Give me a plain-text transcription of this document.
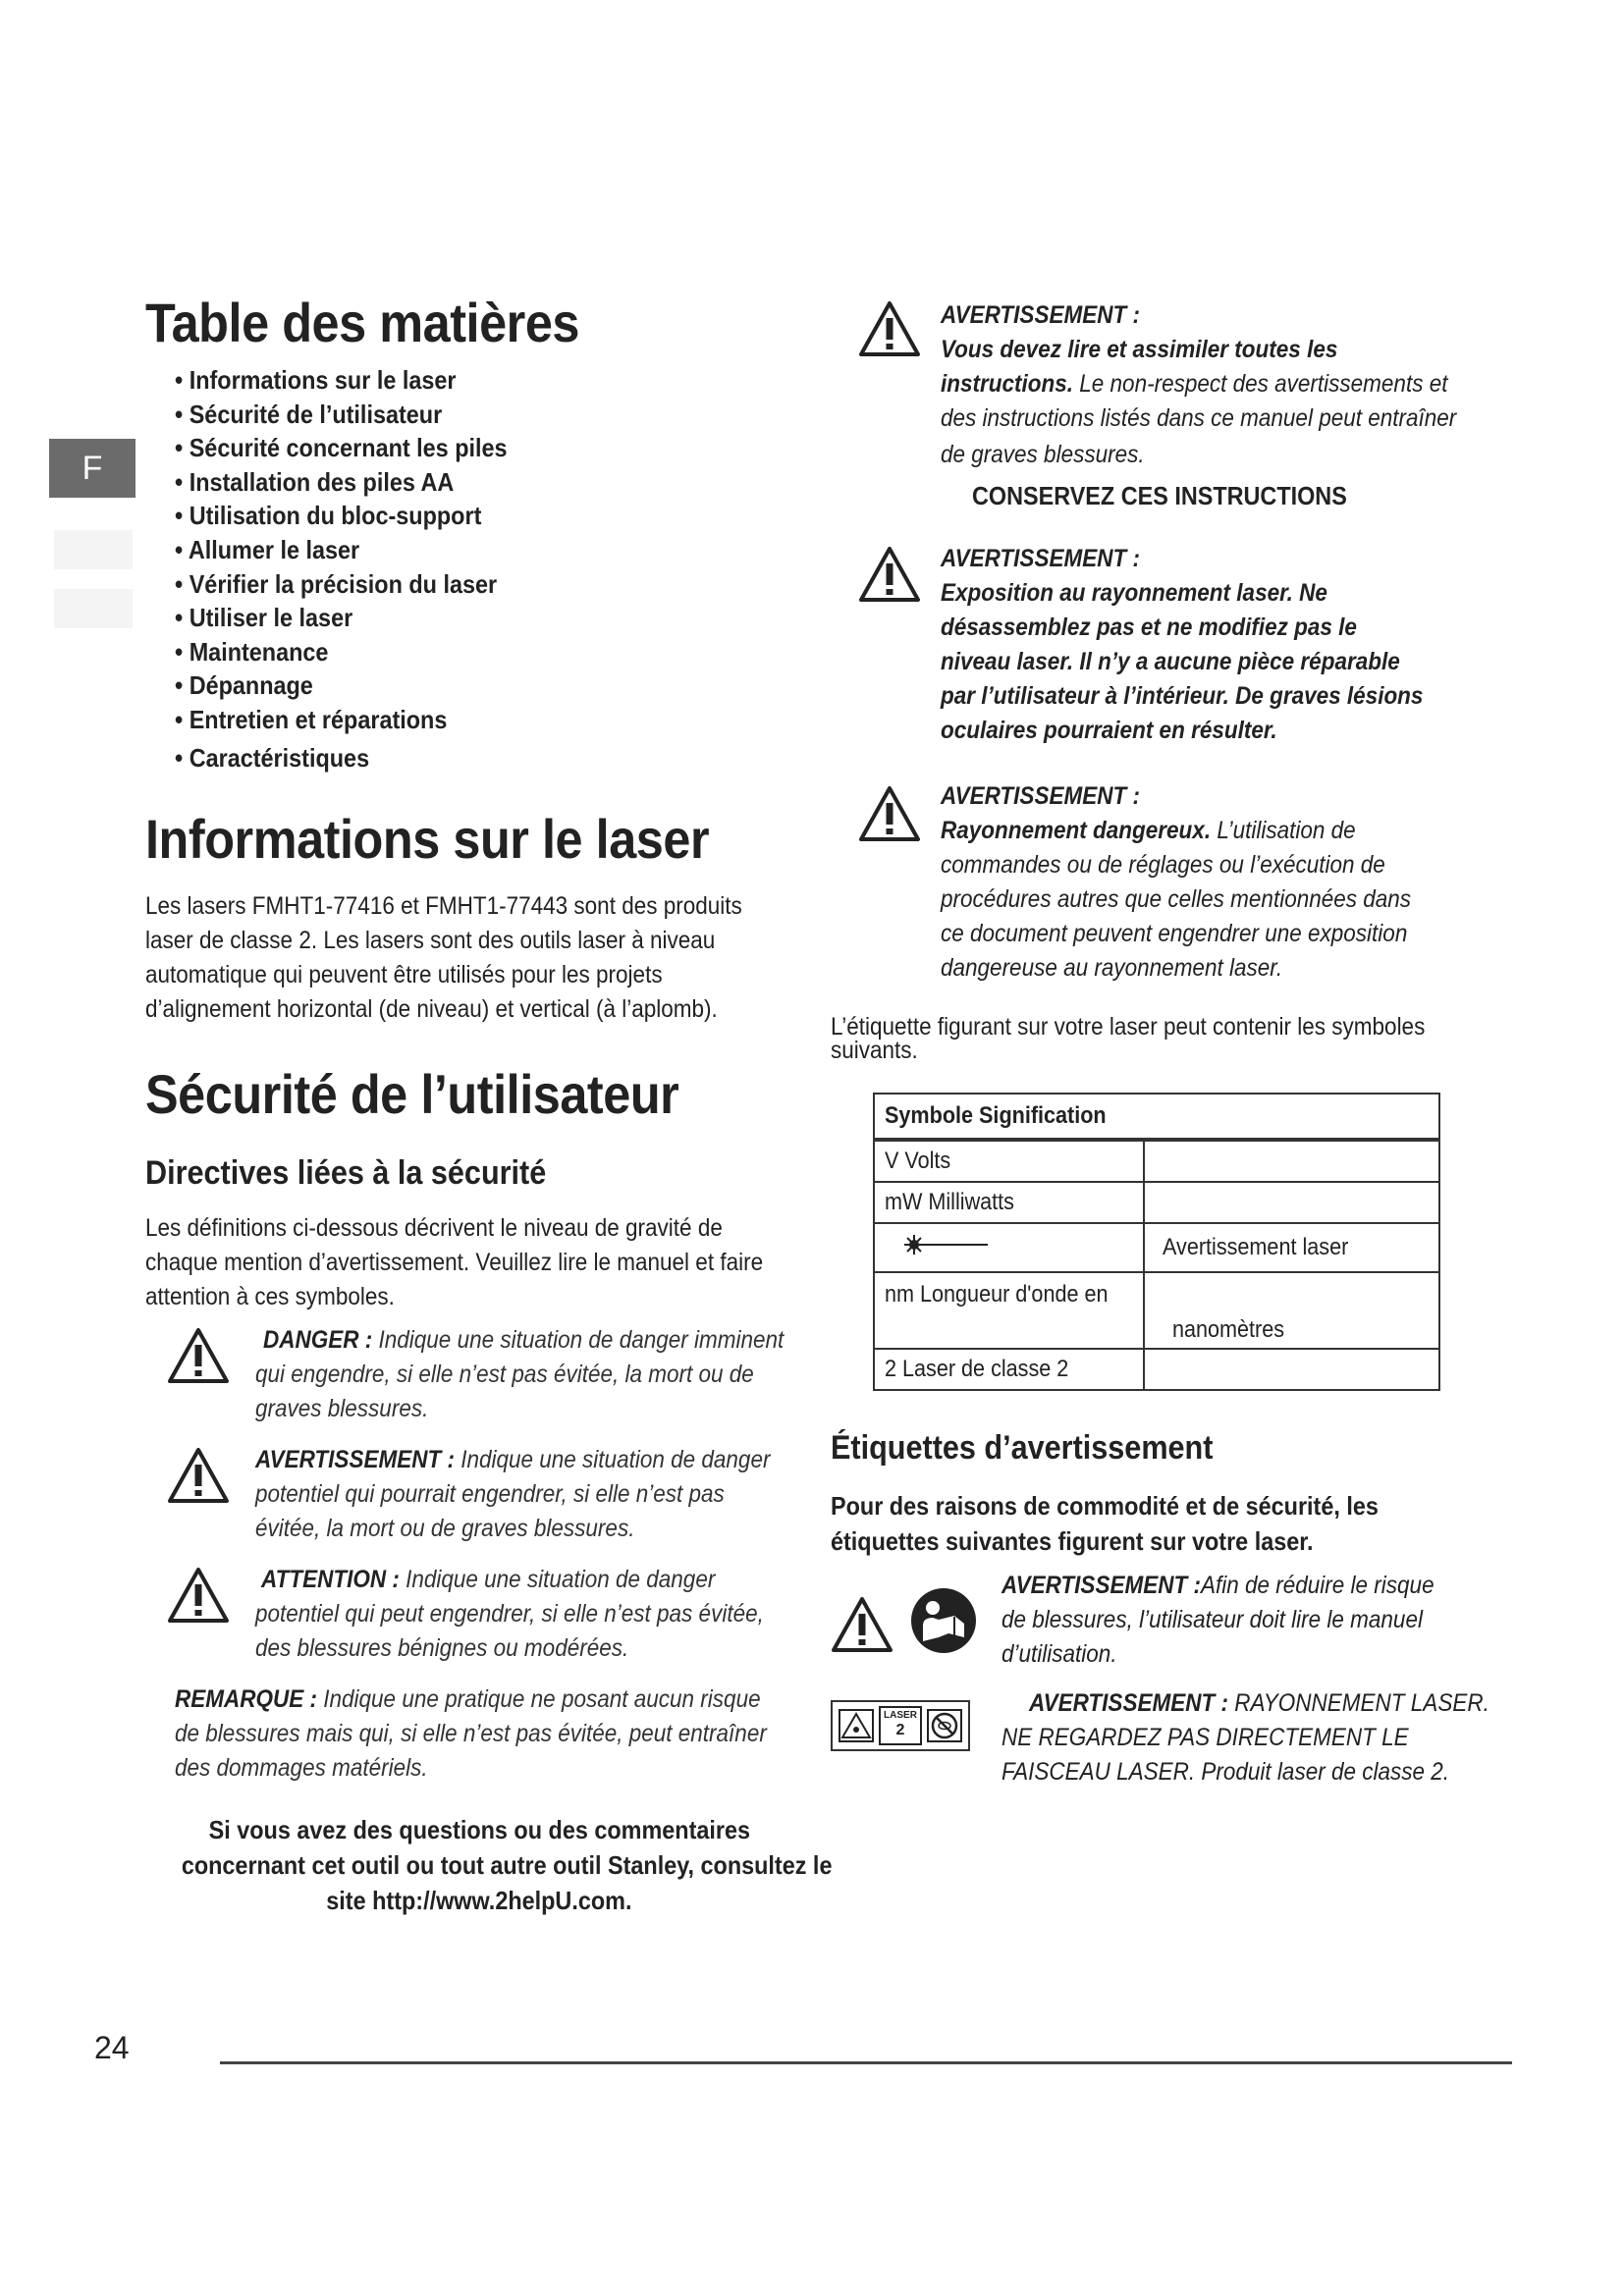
F
Table des matières
• Informations sur le laser
• Sécurité de l’utilisateur
• Sécurité concernant les piles
• Installation des piles AA
• Utilisation du bloc-support
• Allumer le laser
• Vérifier la précision du laser
• Utiliser le laser
• Maintenance
• Dépannage
• Entretien et réparations
• Caractéristiques
Informations sur le laser
Les lasers FMHT1-77416 et FMHT1-77443 sont des produits
laser de classe 2. Les lasers sont des outils laser à niveau
automatique qui peuvent être utilisés pour les projets
d’alignement horizontal (de niveau) et vertical (à l’aplomb).
Sécurité de l’utilisateur
Directives liées à la sécurité
Les définitions ci-dessous décrivent le niveau de gravité de
chaque mention d’avertissement. Veuillez lire le manuel et faire
attention à ces symboles.
DANGER : Indique une situation de danger imminent
qui engendre, si elle n’est pas évitée, la mort ou de
graves blessures.
AVERTISSEMENT : Indique une situation de danger
potentiel qui pourrait engendrer, si elle n’est pas
évitée, la mort ou de graves blessures.
ATTENTION : Indique une situation de danger
potentiel qui peut engendrer, si elle n’est pas évitée,
des blessures bénignes ou modérées.
REMARQUE : Indique une pratique ne posant aucun risque
de blessures mais qui, si elle n’est pas évitée, peut entraîner
des dommages matériels.
Si vous avez des questions ou des commentaires
concernant cet outil ou tout autre outil Stanley, consultez le
site http://www.2helpU.com.
AVERTISSEMENT :
Vous devez lire et assimiler toutes les
instructions. Le non-respect des avertissements et
des instructions listés dans ce manuel peut entraîner
de graves blessures.
CONSERVEZ CES INSTRUCTIONS
AVERTISSEMENT :
Exposition au rayonnement laser. Ne
désassemblez pas et ne modifiez pas le
niveau laser. Il n’y a aucune pièce réparable
par l’utilisateur à l’intérieur. De graves lésions
oculaires pourraient en résulter.
AVERTISSEMENT :
Rayonnement dangereux. L’utilisation de
commandes ou de réglages ou l’exécution de
procédures autres que celles mentionnées dans
ce document peuvent engendrer une exposition
dangereuse au rayonnement laser.
L’étiquette figurant sur votre laser peut contenir les symboles
suivants.
Symbole Signification	
V Volts	
mW Milliwatts	
	Avertissement laser
nm Longueur d'onde en	nanomètres
2 Laser de classe 2	
Étiquettes d’avertissement
Pour des raisons de commodité et de sécurité, les
étiquettes suivantes figurent sur votre laser.
AVERTISSEMENT :Afin de réduire le risque
de blessures, l’utilisateur doit lire le manuel
d’utilisation.
LASER
2
AVERTISSEMENT : RAYONNEMENT LASER.
NE REGARDEZ PAS DIRECTEMENT LE
FAISCEAU LASER. Produit laser de classe 2.
24
